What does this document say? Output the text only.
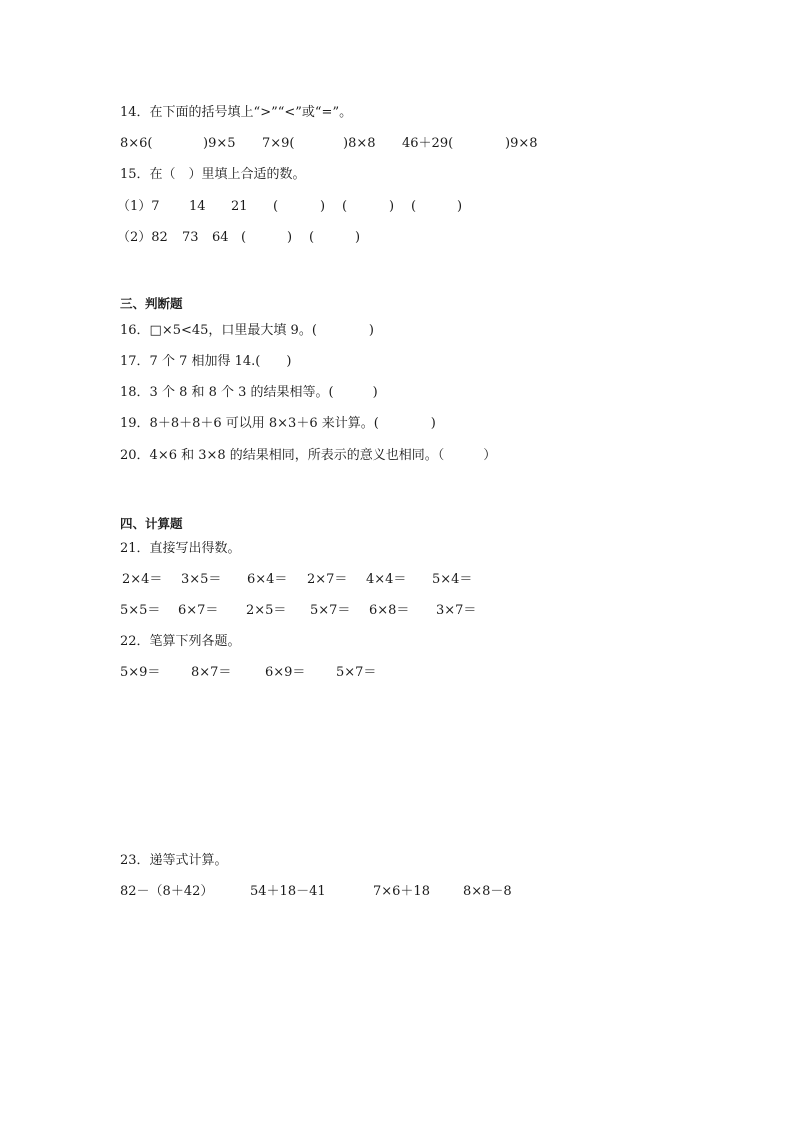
14．在下面的括号填上“>”“<”或“=”。
8×6(	)9×5 7×9(	)8×8 46＋29(	)9×8
15．在（　）里填上合适的数。
（1）7 14 21 (	) (	) (	)
（2）82 73 64 (	) (	)
三、判断题
16．□×5<45，口里最大填 9。(　　　　)
17．7 个 7 相加得 14.(　　)
18．3 个 8 和 8 个 3 的结果相等。(　　　)
19．8＋8＋8＋6 可以用 8×3＋6 来计算。(　　　　)
20．4×6 和 3×8 的结果相同，所表示的意义也相同。（　　　）
四、计算题
21．直接写出得数。
2×4＝ 3×5＝ 6×4＝ 2×7＝ 4×4＝ 5×4＝
5×5＝ 6×7＝ 2×5＝ 5×7＝ 6×8＝ 3×7＝
22．笔算下列各题。
5×9＝ 8×7＝	6×9＝ 5×7＝
23．递等式计算。
82－（8＋42）	54＋18－41	7×6＋18	8×8－8
